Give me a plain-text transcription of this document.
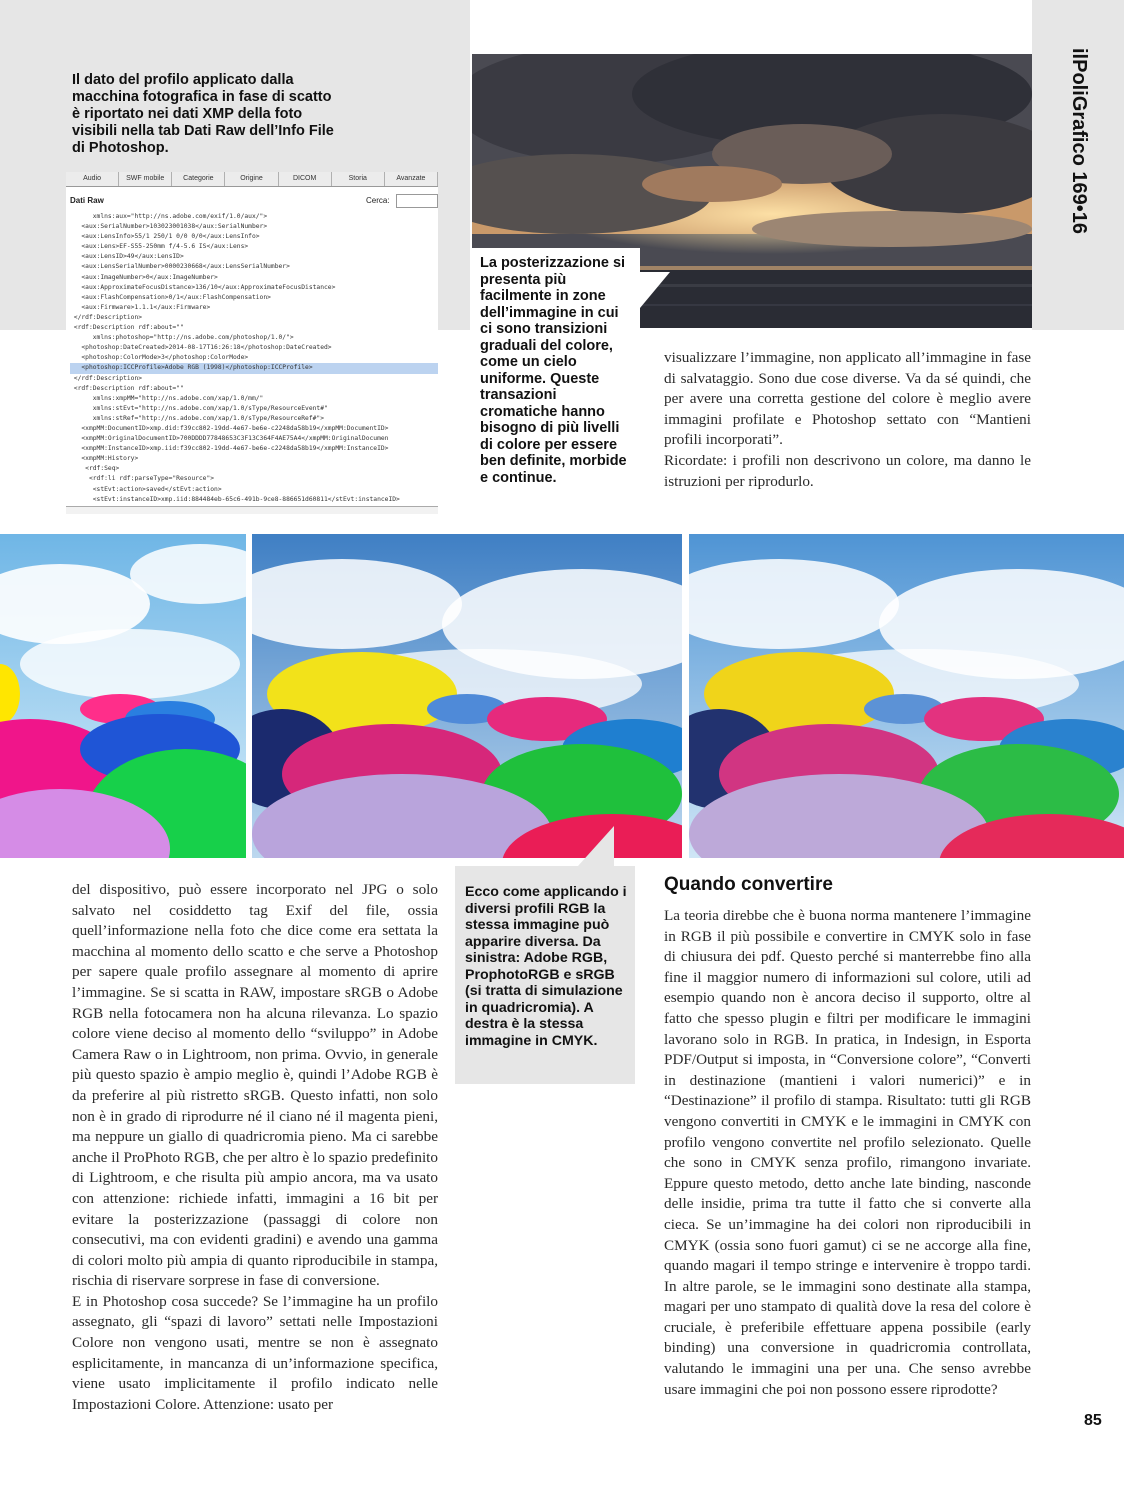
Il dato del profilo applicato dalla macchina fotografica in fase di scatto è riportato nei dati XMP della foto visibili nella tab Dati Raw dell’Info File di Photoshop.
Audio	SWF mobile	Categorie	Origine	DICOM	Storia	Avanzate
Dati Raw	Cerca:
xmlns:aux="http://ns.adobe.com/exif/1.0/aux/">
<aux:SerialNumber>103023001038</aux:SerialNumber>
<aux:LensInfo>55/1 250/1 0/0 0/0</aux:LensInfo>
<aux:Lens>EF-S55-250mm f/4-5.6 IS</aux:Lens>
<aux:LensID>49</aux:LensID>
<aux:LensSerialNumber>0000230668</aux:LensSerialNumber>
<aux:ImageNumber>0</aux:ImageNumber>
<aux:ApproximateFocusDistance>136/10</aux:ApproximateFocusDistance>
<aux:FlashCompensation>0/1</aux:FlashCompensation>
<aux:Firmware>1.1.1</aux:Firmware>
</rdf:Description>
<rdf:Description rdf:about=""
xmlns:photoshop="http://ns.adobe.com/photoshop/1.0/">
<photoshop:DateCreated>2014-08-17T16:26:18</photoshop:DateCreated>
<photoshop:ColorMode>3</photoshop:ColorMode>
<photoshop:ICCProfile>Adobe RGB (1998)</photoshop:ICCProfile>
</rdf:Description>
<rdf:Description rdf:about=""
xmlns:xmpMM="http://ns.adobe.com/xap/1.0/mm/"
xmlns:stEvt="http://ns.adobe.com/xap/1.0/sType/ResourceEvent#"
xmlns:stRef="http://ns.adobe.com/xap/1.0/sType/ResourceRef#">
<xmpMM:DocumentID>xmp.did:f39cc802-19dd-4e67-be6e-c2248da58b19</xmpMM:DocumentID>
<xmpMM:OriginalDocumentID>700DDDD77848653C3F13C364F4AE75A4</xmpMM:OriginalDocumen
<xmpMM:InstanceID>xmp.iid:f39cc802-19dd-4e67-be6e-c2248da58b19</xmpMM:InstanceID>
<xmpMM:History>
<rdf:Seq>
<rdf:li rdf:parseType="Resource">
<stEvt:action>saved</stEvt:action>
<stEvt:instanceID>xmp.iid:884484eb-65c6-491b-9ce8-886651d60811</stEvt:instanceID>
La posterizzazione si presenta più facilmente in zone dell’immagine in cui ci sono transizioni graduali del colore, come un cielo uniforme. Queste transazioni cromatiche hanno bisogno di più livelli di colore per essere ben definite, morbide e continue.
ilPoliGrafico 169•16

visualizzare l’immagine, non applicato all’immagine in fase di salvataggio. Sono due cose diverse. Va da sé quindi, che per avere una corretta gestione del colore è meglio avere immagini profilate e Photoshop settato con “Mantieni profili incorporati”.

Ricordate: i profili non descrivono un colore, ma danno le istruzioni per riprodurlo.

Ecco come applicando i diversi profili RGB la stessa immagine può apparire diversa. Da sinistra: Adobe RGB, ProphotoRGB e sRGB (si tratta di simulazione in quadricromia). A destra è la stessa immagine in CMYK.

del dispositivo, può essere incorporato nel JPG o solo salvato nel cosiddetto tag Exif del file, ossia quell’informazione nella foto che dice come era settata la macchina al momento dello scatto e che serve a Photoshop per sapere quale profilo assegnare al momento di aprire l’immagine. Se si scatta in RAW, impostare sRGB o Adobe RGB nella fotocamera non ha alcuna rilevanza. Lo spazio colore viene deciso al momento dello “sviluppo” in Adobe Camera Raw o in Lightroom, non prima. Ovvio, in generale più questo spazio è ampio meglio è, quindi l’Adobe RGB è da preferire al più ristretto sRGB. Questo infatti, non solo non è in grado di riprodurre né il ciano né il magenta pieni, ma neppure un giallo di quadricromia pieno. Ma ci sarebbe anche il ProPhoto RGB, che per altro è lo spazio predefinito di Lightroom, e che risulta più ampio ancora, ma va usato con attenzione: richiede infatti, immagini a 16 bit per evitare la posterizzazione (passaggi di colore non consecutivi, ma con evidenti gradini) e avendo una gamma di colori molto più ampia di quanto riproducibile in stampa, rischia di riservare sorprese in fase di conversione.

E in Photoshop cosa succede? Se l’immagine ha un profilo assegnato, gli “spazi di lavoro” settati nelle Impostazioni Colore non vengono usati, mentre se non è assegnato esplicitamente, in mancanza di un’informazione specifica, viene usato implicitamente il profilo indicato nelle Impostazioni Colore. Attenzione: usato per

Quando convertire

La teoria direbbe che è buona norma mantenere l’immagine in RGB il più possibile e convertire in CMYK solo in fase di chiusura dei pdf. Questo perché si manterrebbe fino alla fine il maggior numero di informazioni sul colore, utili ad esempio quando non è ancora deciso il supporto, oltre al fatto che spesso plugin e filtri per modificare le immagini lavorano solo in RGB. In pratica, in Indesign, in Esporta PDF/Output si imposta, in “Conversione colore”, “Converti in destinazione (mantieni i valori numerici)” e in “Destinazione” il profilo di stampa. Risultato: tutti gli RGB vengono convertiti in CMYK e le immagini in CMYK con profilo vengono convertite nel profilo selezionato. Quelle che sono in CMYK senza profilo, rimangono invariate. Eppure questo metodo, detto anche late binding, nasconde delle insidie, prima tra tutte il fatto che si converte alla cieca. Se un’immagine ha dei colori non riproducibili in CMYK (ossia sono fuori gamut) ci se ne accorge alla fine, quando magari il tempo stringe e intervenire è troppo tardi. In altre parole, se le immagini sono destinate alla stampa, magari per uno stampato di qualità dove la resa del colore è cruciale, è preferibile effettuare appena possibile (early binding) una conversione in quadricromia controllata, valutando le immagini una per una. Che senso avrebbe usare immagini che poi non possono essere riprodotte?

85
